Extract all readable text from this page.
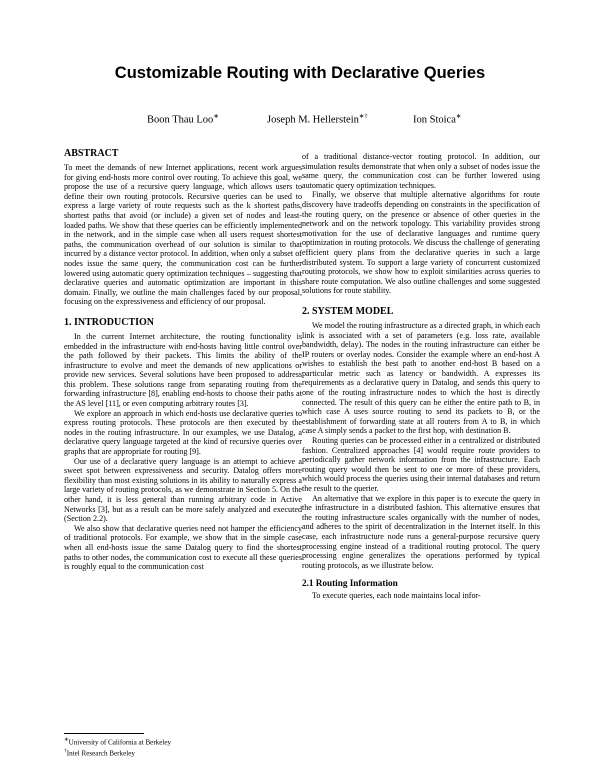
Customizable Routing with Declarative Queries
Boon Thau Loo∗	Joseph M. Hellerstein∗†	Ion Stoica∗
ABSTRACT

To meet the demands of new Internet applications, recent work argues for giving end-hosts more control over routing. To achieve this goal, we propose the use of a recursive query language, which allows users to define their own routing protocols. Recursive queries can be used to express a large variety of route requests such as the k shortest paths, shortest paths that avoid (or include) a given set of nodes and least-loaded paths. We show that these queries can be efficiently implemented in the network, and in the simple case when all users request shortest paths, the communication overhead of our solution is similar to that incurred by a distance vector protocol. In addition, when only a subset of nodes issue the same query, the communication cost can be further lowered using automatic query optimization techniques – suggesting that declarative queries and automatic optimization are important in this domain. Finally, we outline the main challenges faced by our proposal, focusing on the expressiveness and efficiency of our proposal.

1. INTRODUCTION

In the current Internet architecture, the routing functionality is embedded in the infrastructure with end-hosts having little control over the path followed by their packets. This limits the ability of the infrastructure to evolve and meet the demands of new applications or provide new services. Several solutions have been proposed to address this problem. These solutions range from separating routing from the forwarding infrastructure [8], enabling end-hosts to choose their paths at the AS level [11], or even computing arbitrary routes [3].

We explore an approach in which end-hosts use declarative queries to express routing protocols. These protocols are then executed by the nodes in the routing infrastructure. In our examples, we use Datalog, a declarative query language targeted at the kind of recursive queries over graphs that are appropriate for routing [9].

Our use of a declarative query language is an attempt to achieve a sweet spot between expressiveness and security. Datalog offers more flexibility than most existing solutions in its ability to naturally express a large variety of routing protocols, as we demonstrate in Section 5. On the other hand, it is less general than running arbitrary code in Active Networks [3], but as a result can be more safely analyzed and executed (Section 2.2).

We also show that declarative queries need not hamper the efficiency of traditional protocols. For example, we show that in the simple case when all end-hosts issue the same Datalog query to find the shortest paths to other nodes, the communication cost to execute all these queries is roughly equal to the communication cost

∗University of California at Berkeley
†Intel Research Berkeley

of a traditional distance-vector routing protocol. In addition, our simulation results demonstrate that when only a subset of nodes issue the same query, the communication cost can be further lowered using automatic query optimization techniques.

Finally, we observe that multiple alternative algorithms for route discovery have tradeoffs depending on constraints in the specification of the routing query, on the presence or absence of other queries in the network and on the network topology. This variability provides strong motivation for the use of declarative languages and runtime query optimization in routing protocols. We discuss the challenge of generating efficient query plans from the declarative queries in such a large distributed system. To support a large variety of concurrent customized routing protocols, we show how to exploit similarities across queries to share route computation. We also outline challenges and some suggested solutions for route stability.

2. SYSTEM MODEL

We model the routing infrastructure as a directed graph, in which each link is associated with a set of parameters (e.g. loss rate, available bandwidth, delay). The nodes in the routing infrastructure can either be IP routers or overlay nodes. Consider the example where an end-host A wishes to establish the best path to another end-host B based on a particular metric such as latency or bandwidth. A expresses its requirements as a declarative query in Datalog, and sends this query to one of the routing infrastructure nodes to which the host is directly connected. The result of this query can be either the entire path to B, in which case A uses source routing to send its packets to B, or the establishment of forwarding state at all routers from A to B, in which case A simply sends a packet to the first hop, with destination B.

Routing queries can be processed either in a centralized or distributed fashion. Centralized approaches [4] would require route providers to periodically gather network information from the infrastructure. Each routing query would then be sent to one or more of these providers, which would process the queries using their internal databases and return the result to the querier.

An alternative that we explore in this paper is to execute the query in the infrastructure in a distributed fashion. This alternative ensures that the routing infrastructure scales organically with the number of nodes, and adheres to the spirit of decentralization in the Internet itself. In this case, each infrastructure node runs a general-purpose recursive query processing engine instead of a traditional routing protocol. The query processing engine generalizes the operations performed by typical routing protocols, as we illustrate below.

2.1 Routing Information

To execute queries, each node maintains local infor-
